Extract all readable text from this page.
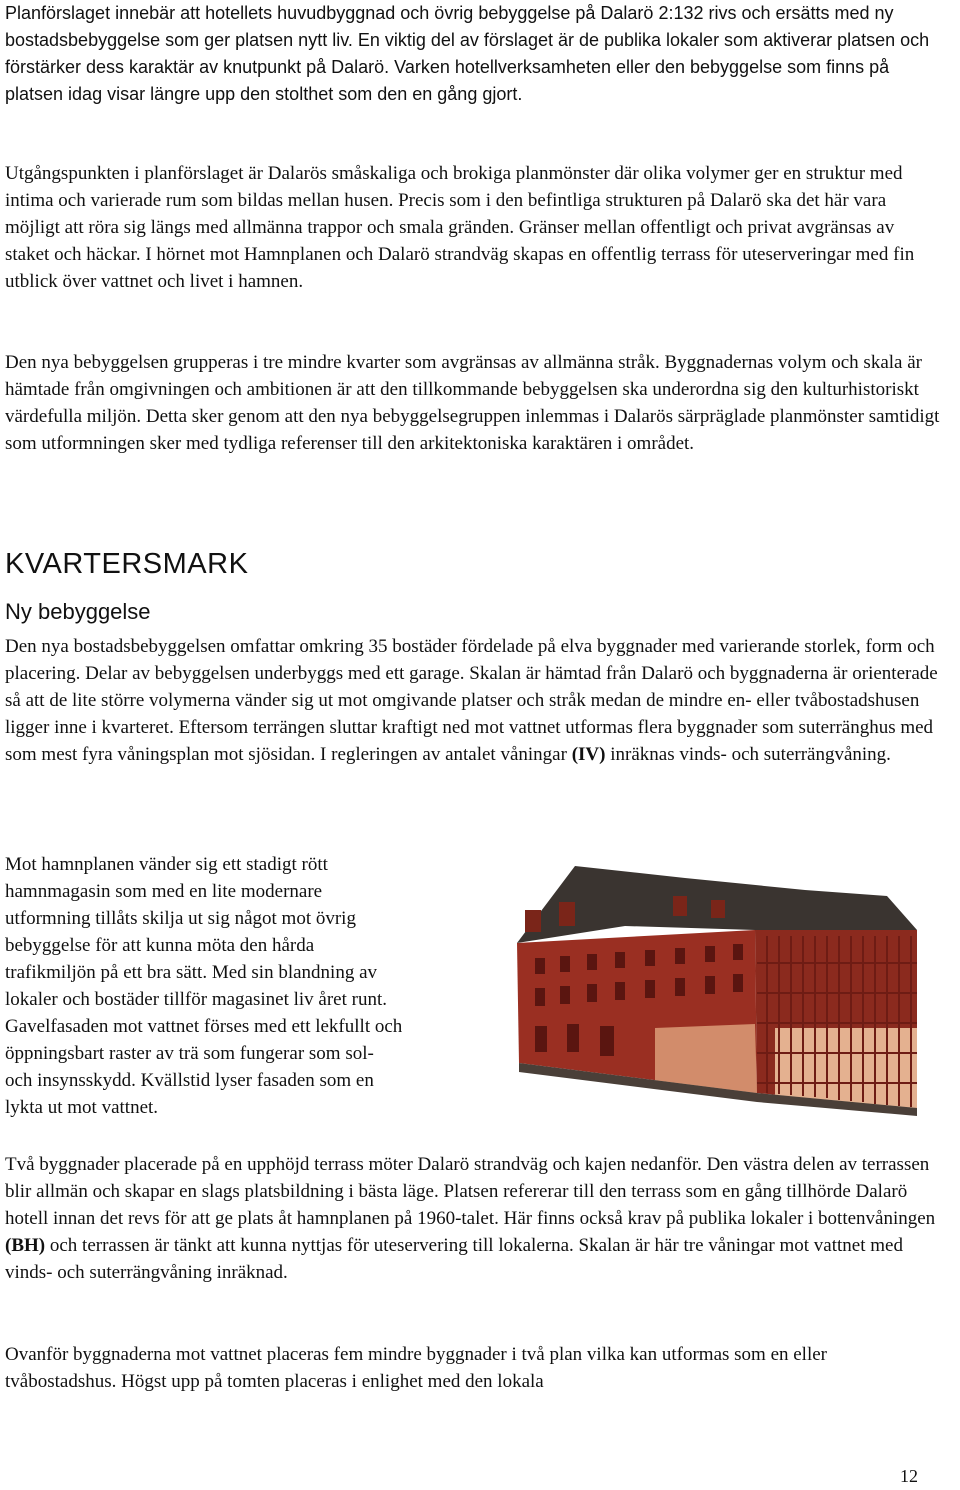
Planförslaget innebär att hotellets huvudbyggnad och övrig bebyggelse på Dalarö 2:132 rivs och ersätts med ny bostadsbebyggelse som ger platsen nytt liv. En viktig del av förslaget är de publika lokaler som aktiverar platsen och förstärker dess karaktär av knutpunkt på Dalarö. Varken hotellverksamheten eller den bebyggelse som finns på platsen idag visar längre upp den stolthet som den en gång gjort.

Utgångspunkten i planförslaget är Dalarös småskaliga och brokiga planmönster där olika volymer ger en struktur med intima och varierade rum som bildas mellan husen. Precis som i den befintliga strukturen på Dalarö ska det här vara möjligt att röra sig längs med allmänna trappor och smala gränden. Gränser mellan offentligt och privat avgränsas av staket och häckar. I hörnet mot Hamnplanen och Dalarö strandväg skapas en offentlig terrass för uteserveringar med fin utblick över vattnet och livet i hamnen.

Den nya bebyggelsen grupperas i tre mindre kvarter som avgränsas av allmänna stråk. Byggnadernas volym och skala är hämtade från omgivningen och ambitionen är att den tillkommande bebyggelsen ska underordna sig den kulturhistoriskt värdefulla miljön. Detta sker genom att den nya bebyggelsegruppen inlemmas i Dalarös särpräglade planmönster samtidigt som utformningen sker med tydliga referenser till den arkitektoniska karaktären i området.

KVARTERSMARK
Ny bebyggelse

Den nya bostadsbebyggelsen omfattar omkring 35 bostäder fördelade på elva byggnader med varierande storlek, form och placering. Delar av bebyggelsen underbyggs med ett garage. Skalan är hämtad från Dalarö och byggnaderna är orienterade så att de lite större volymerna vänder sig ut mot omgivande platser och stråk medan de mindre en- eller tvåbostadshusen ligger inne i kvarteret. Eftersom terrängen sluttar kraftigt ned mot vattnet utformas flera byggnader som suterränghus med som mest fyra våningsplan mot sjösidan. I regleringen av antalet våningar (IV) inräknas vinds- och suterrängvåning.

Mot hamnplanen vänder sig ett stadigt rött
hamnmagasin som med en lite modernare
utformning tillåts skilja ut sig något mot övrig
bebyggelse för att kunna möta den hårda
trafikmiljön på ett bra sätt. Med sin blandning av
lokaler och bostäder tillför magasinet liv året runt.
Gavelfasaden mot vattnet förses med ett lekfullt och
öppningsbart raster av trä som fungerar som sol-
och insynsskydd. Kvällstid lyser fasaden som en
lykta ut mot vattnet.

Två byggnader placerade på en upphöjd terrass möter Dalarö strandväg och kajen nedanför. Den västra delen av terrassen blir allmän och skapar en slags platsbildning i bästa läge. Platsen refererar till den terrass som en gång tillhörde Dalarö hotell innan det revs för att ge plats åt hamnplanen på 1960-talet. Här finns också krav på publika lokaler i bottenvåningen (BH) och terrassen är tänkt att kunna nyttjas för uteservering till lokalerna. Skalan är här tre våningar mot vattnet med vinds- och suterrängvåning inräknad.

Ovanför byggnaderna mot vattnet placeras fem mindre byggnader i två plan vilka kan utformas som en eller tvåbostadshus. Högst upp på tomten placeras i enlighet med den lokala

12
